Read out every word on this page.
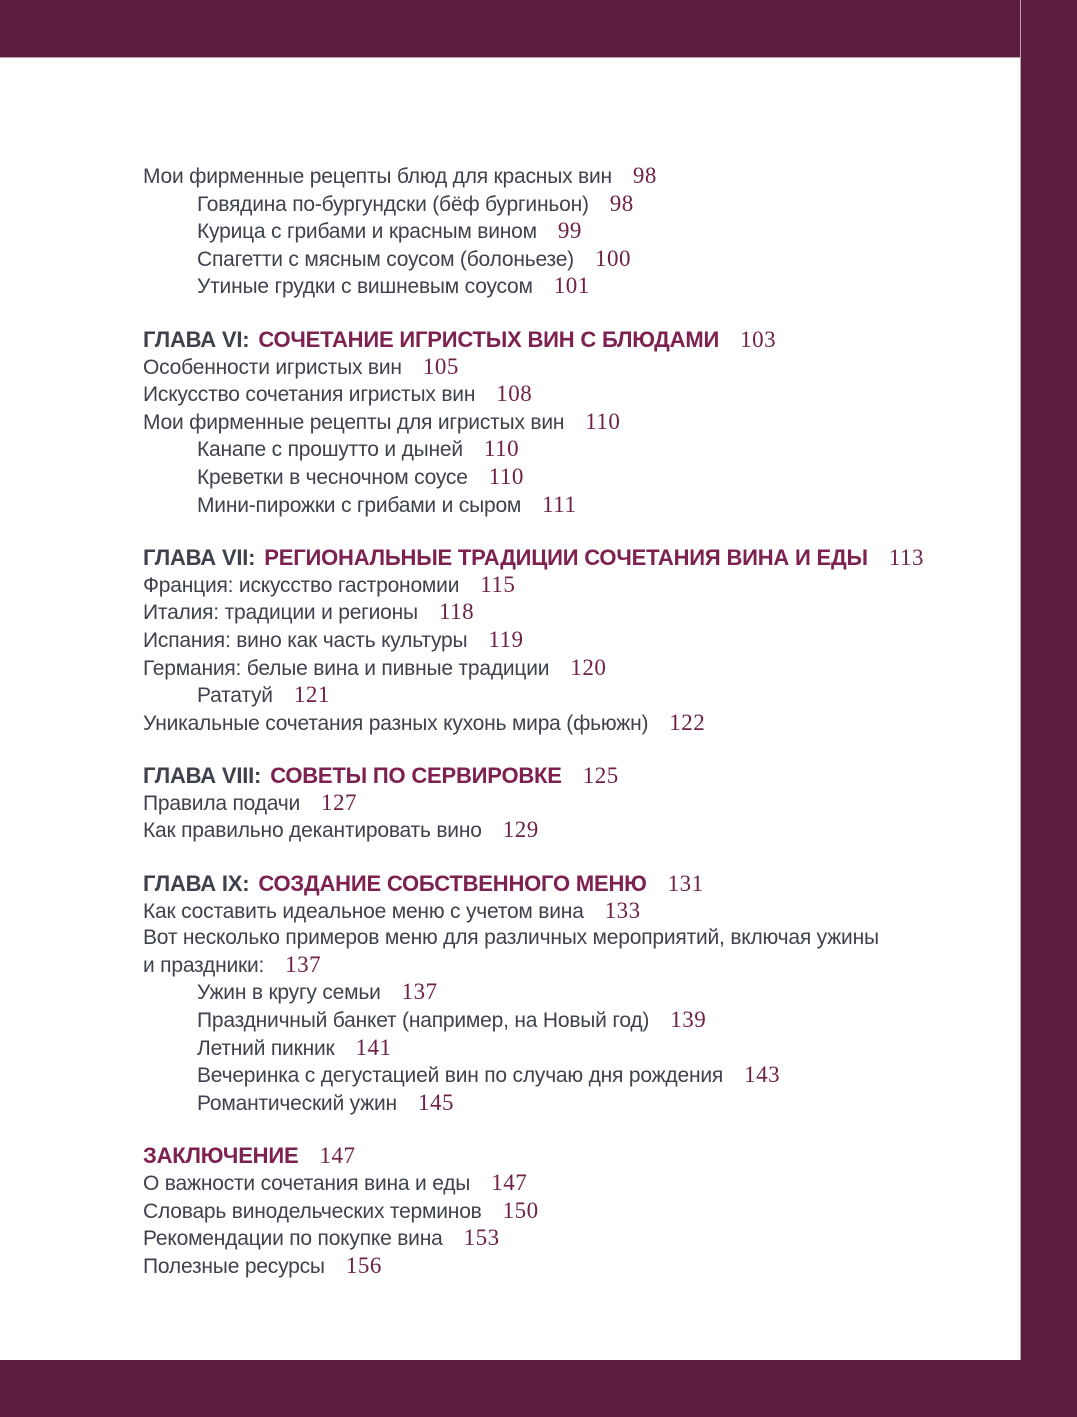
Мои фирменные рецепты блюд для красных вин 98
Говядина по-бургундски (бёф бургиньон) 98
Курица с грибами и красным вином 99
Спагетти с мясным соусом (болоньезе) 100
Утиные грудки с вишневым соусом 101
ГЛАВА VI: СОЧЕТАНИЕ ИГРИСТЫХ ВИН С БЛЮДАМИ 103
Особенности игристых вин 105
Искусство сочетания игристых вин 108
Мои фирменные рецепты для игристых вин 110
Канапе с прошутто и дыней 110
Креветки в чесночном соусе 110
Мини-пирожки с грибами и сыром 111
ГЛАВА VII: РЕГИОНАЛЬНЫЕ ТРАДИЦИИ СОЧЕТАНИЯ ВИНА И ЕДЫ 113
Франция: искусство гастрономии 115
Италия: традиции и регионы 118
Испания: вино как часть культуры 119
Германия: белые вина и пивные традиции 120
Рататуй 121
Уникальные сочетания разных кухонь мира (фьюжн) 122
ГЛАВА VIII: СОВЕТЫ ПО СЕРВИРОВКЕ 125
Правила подачи 127
Как правильно декантировать вино 129
ГЛАВА IX: СОЗДАНИЕ СОБСТВЕННОГО МЕНЮ 131
Как составить идеальное меню с учетом вина 133
Вот несколько примеров меню для различных мероприятий, включая ужины
и праздники: 137
Ужин в кругу семьи 137
Праздничный банкет (например, на Новый год) 139
Летний пикник 141
Вечеринка с дегустацией вин по случаю дня рождения 143
Романтический ужин 145
ЗАКЛЮЧЕНИЕ 147
О важности сочетания вина и еды 147
Словарь винодельческих терминов 150
Рекомендации по покупке вина 153
Полезные ресурсы 156
